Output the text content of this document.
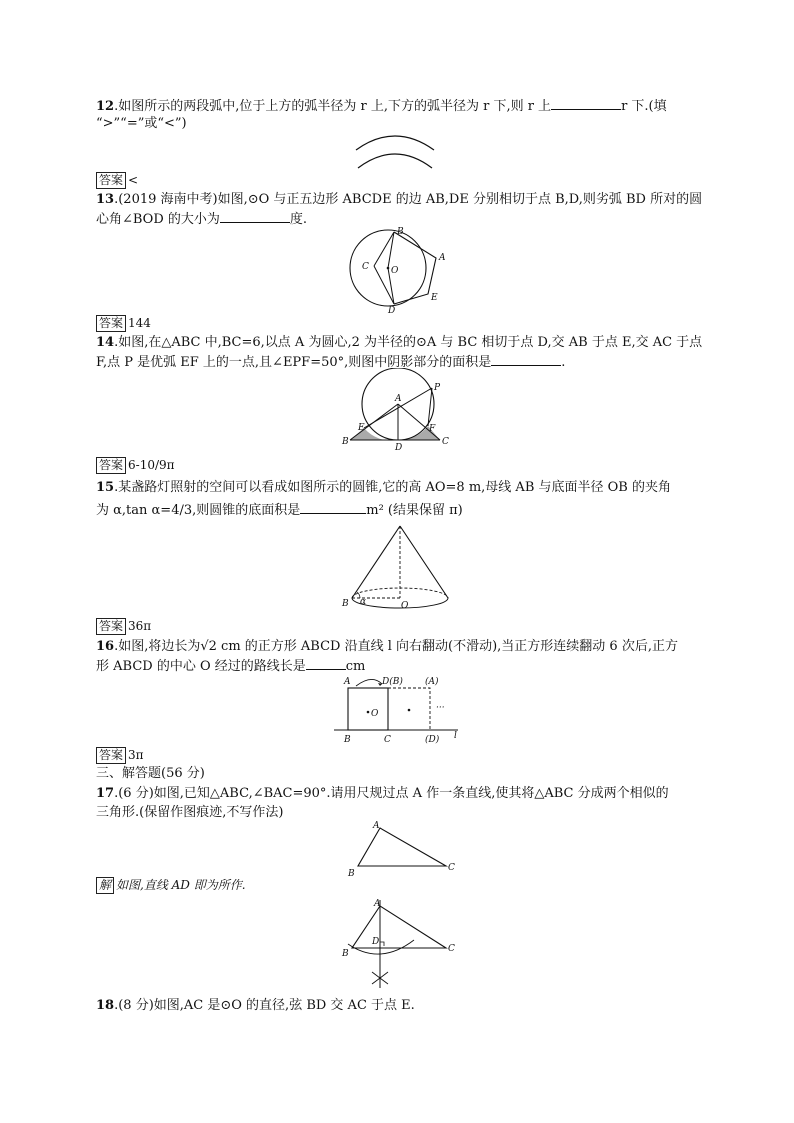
12.如图所示的两段弧中,位于上方的弧半径为 r 上,下方的弧半径为 r 下,则 r 上	r 下.(填
“>”“=”或“<”)
答案 <
13.(2019 海南中考)如图,⊙O 与正五边形 ABCDE 的边 AB,DE 分别相切于点 B,D,则劣弧 BD 所对的圆
心角∠BOD 的大小为	度.
B
A
C O
E
D
答案 144
14.如图,在△ABC 中,BC=6,以点 A 为圆心,2 为半径的⊙A 与 BC 相切于点 D,交 AB 于点 E,交 AC 于点
F,点 P 是优弧 EF 上的一点,且∠EPF=50°,则图中阴影部分的面积是	.
A
P
E	F
B
D
C
答案 6-10/9π
15.某盏路灯照射的空间可以看成如图所示的圆锥,它的高 AO=8 m,母线 AB 与底面半径 OB 的夹角
为 α,tan α=4/3,则圆锥的底面积是	m² (结果保留 π)
B α	O
答案 36π
16.如图,将边长为√2 cm 的正方形 ABCD 沿直线 l 向右翻动(不滑动),当正方形连续翻动 6 次后,正方
形 ABCD 的中心 O 经过的路线长是	cm
A	D(B) (A)
O
···
B	C	(D) l
答案 3π
三、解答题(56 分)
17.(6 分)如图,已知△ABC,∠BAC=90°.请用尺规过点 A 作一条直线,使其将△ABC 分成两个相似的
三角形.(保留作图痕迹,不写作法)
A
B
C
解 如图,直线 AD 即为所作.
A
D
B	C
18.(8 分)如图,AC 是⊙O 的直径,弦 BD 交 AC 于点 E.
